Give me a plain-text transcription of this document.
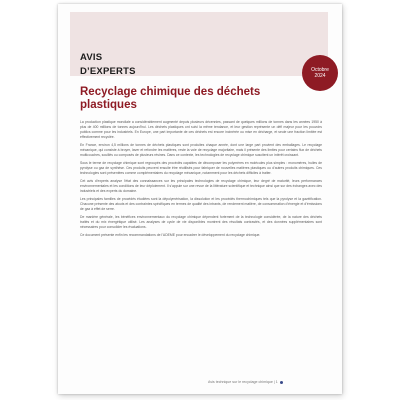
AVIS
D’EXPERTS	Octobre
2024
Recyclage chimique des déchets plastiques

La production plastique mondiale a considérablement augmenté depuis plusieurs décennies, passant de quelques millions de tonnes dans les années 1950 à plus de 400 millions de tonnes aujourd’hui. Les déchets plastiques ont suivi la même tendance, et leur gestion représente un défi majeur pour les pouvoirs publics comme pour les industriels. En Europe, une part importante de ces déchets est encore incinérée ou mise en décharge, et seule une fraction limitée est effectivement recyclée.

En France, environ 4,5 millions de tonnes de déchets plastiques sont produites chaque année, dont une large part provient des emballages. Le recyclage mécanique, qui consiste à broyer, laver et refondre les matières, reste la voie de recyclage majoritaire, mais il présente des limites pour certains flux de déchets multicouches, souillés ou composés de plusieurs résines. Dans ce contexte, les technologies de recyclage chimique suscitent un intérêt croissant.

Sous le terme de recyclage chimique sont regroupés des procédés capables de décomposer les polymères en molécules plus simples : monomères, huiles de pyrolyse ou gaz de synthèse. Ces produits peuvent ensuite être réutilisés pour fabriquer de nouvelles matières plastiques ou d’autres produits chimiques. Ces technologies sont présentées comme complémentaires du recyclage mécanique, notamment pour les déchets difficiles à traiter.

Cet avis d’experts analyse l’état des connaissances sur les principales technologies de recyclage chimique, leur degré de maturité, leurs performances environnementales et les conditions de leur déploiement. Il s’appuie sur une revue de la littérature scientifique et technique ainsi que sur des échanges avec des industriels et des experts du domaine.

Les principales familles de procédés étudiées sont la dépolymérisation, la dissolution et les procédés thermochimiques tels que la pyrolyse et la gazéification. Chacune présente des atouts et des contraintes spécifiques en termes de qualité des intrants, de rendement matière, de consommation d’énergie et d’émissions de gaz à effet de serre.

De manière générale, les bénéfices environnementaux du recyclage chimique dépendent fortement de la technologie considérée, de la nature des déchets traités et du mix énergétique utilisé. Les analyses de cycle de vie disponibles montrent des résultats contrastés, et des données supplémentaires sont nécessaires pour consolider les évaluations.

Ce document présente enfin les recommandations de l’ADEME pour encadrer le développement du recyclage chimique.

Avis technique sur le recyclage chimique | 1
